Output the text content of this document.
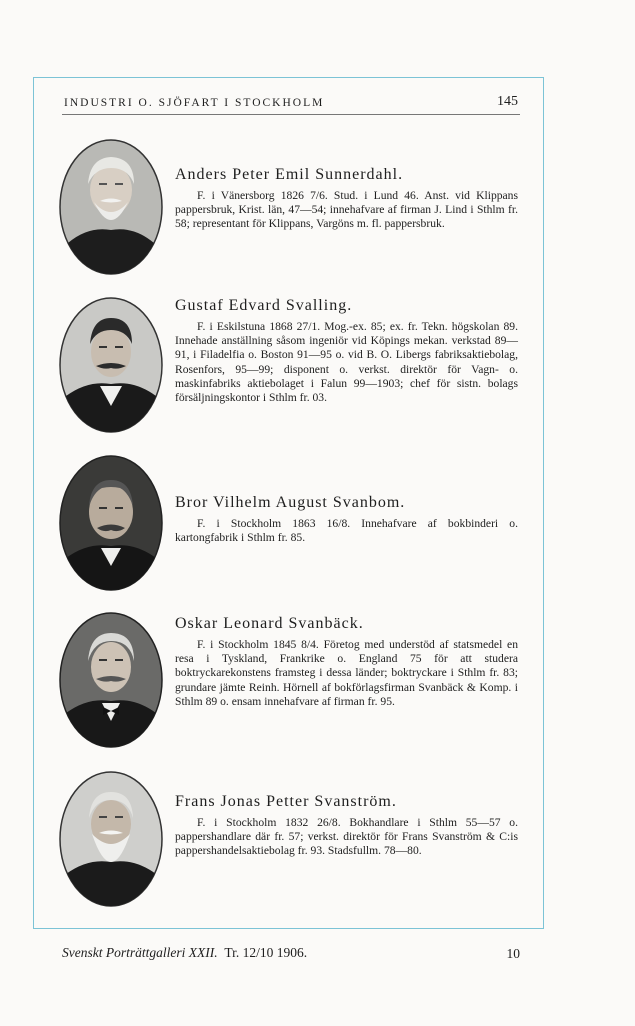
INDUSTRI O. SJÖFART I STOCKHOLM	145
Anders Peter Emil Sunnerdahl.

F. i Vänersborg 1826 7/6. Stud. i Lund 46. Anst. vid Klippans pappersbruk, Krist. län, 47—54; innehafvare af firman J. Lind i Sthlm fr. 58; representant för Klippans, Vargöns m. fl. pappersbruk.

Gustaf Edvard Svalling.

F. i Eskilstuna 1868 27/1. Mog.-ex. 85; ex. fr. Tekn. högskolan 89. Innehade anställning såsom ingeniör vid Köpings mekan. verkstad 89—91, i Filadelfia o. Boston 91—95 o. vid B. O. Libergs fabriksaktiebolag, Rosenfors, 95—99; disponent o. verkst. direktör för Vagn- o. maskinfabriks aktiebolaget i Falun 99—1903; chef för sistn. bolags försäljningskontor i Sthlm fr. 03.

Bror Vilhelm August Svanbom.

F. i Stockholm 1863 16/8. Innehafvare af bokbinderi o. kartongfabrik i Sthlm fr. 85.

Oskar Leonard Svanbäck.

F. i Stockholm 1845 8/4. Företog med understöd af statsmedel en resa i Tyskland, Frankrike o. England 75 för att studera boktryckarekonstens framsteg i dessa länder; boktryckare i Sthlm fr. 83; grundare jämte Reinh. Hörnell af bokförlagsfirman Svanbäck & Komp. i Sthlm 89 o. ensam innehafvare af firman fr. 95.

Frans Jonas Petter Svanström.

F. i Stockholm 1832 26/8. Bokhandlare i Sthlm 55—57 o. pappershandlare där fr. 57; verkst. direktör för Frans Svanström & C:is pappershandelsaktiebolag fr. 93. Stadsfullm. 78—80.

Svenskt Porträttgalleri XXII. Tr. 12/10 1906.	10
